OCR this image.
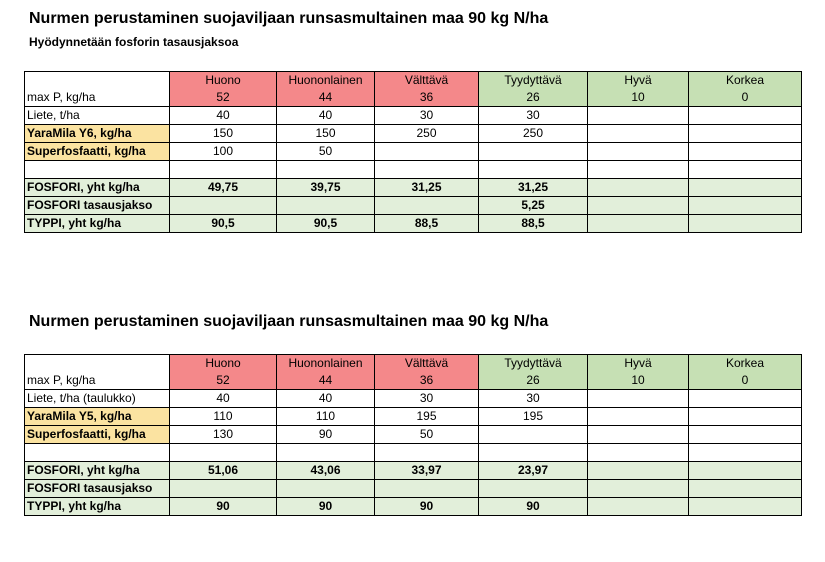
Nurmen perustaminen suojaviljaan runsasmultainen maa 90 kg N/ha
Hyödynnetään fosforin tasausjaksoa
	Huono	Huononlainen	Välttävä	Tyydyttävä	Hyvä	Korkea
max P, kg/ha	52	44	36	26	10	0
Liete, t/ha	40	40	30	30		
YaraMila Y6, kg/ha	150	150	250	250		
Superfosfaatti, kg/ha	100	50				

FOSFORI, yht kg/ha	49,75	39,75	31,25	31,25		
FOSFORI tasausjakso				5,25		
TYPPI, yht kg/ha	90,5	90,5	88,5	88,5		
Nurmen perustaminen suojaviljaan runsasmultainen maa 90 kg N/ha
	Huono	Huononlainen	Välttävä	Tyydyttävä	Hyvä	Korkea
max P, kg/ha	52	44	36	26	10	0
Liete, t/ha (taulukko)	40	40	30	30		
YaraMila Y5, kg/ha	110	110	195	195		
Superfosfaatti, kg/ha	130	90	50			

FOSFORI, yht kg/ha	51,06	43,06	33,97	23,97		
FOSFORI tasausjakso						
TYPPI, yht kg/ha	90	90	90	90		
